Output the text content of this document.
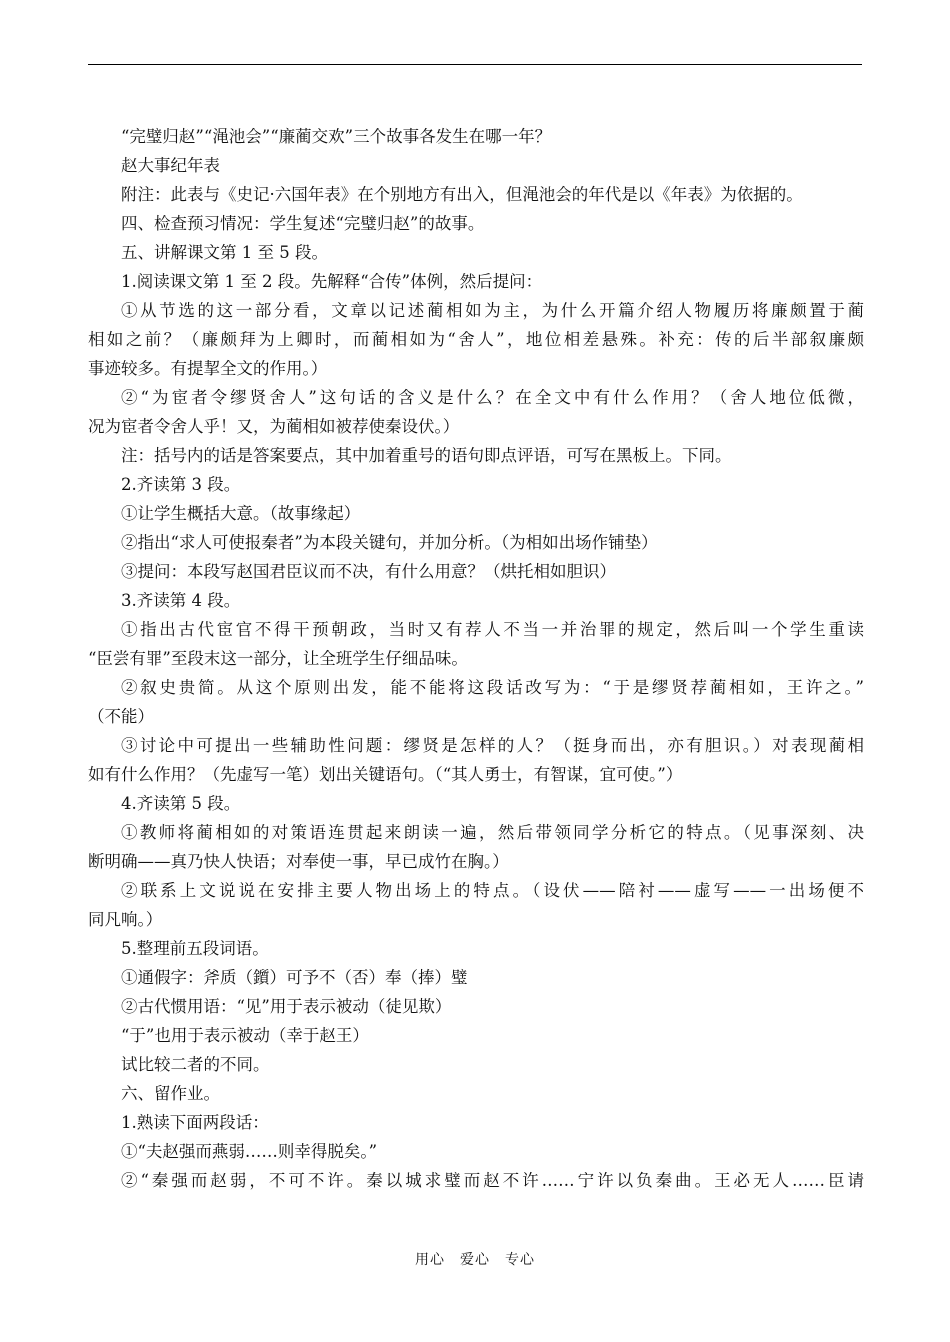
“完璧归赵”“渑池会”“廉蔺交欢”三个故事各发生在哪一年？
赵大事纪年表
附注：此表与《史记·六国年表》在个别地方有出入，但渑池会的年代是以《年表》为依据的。
四、检查预习情况：学生复述“完璧归赵”的故事。
五、讲解课文第 1 至 5 段。
1.阅读课文第 1 至 2 段。先解释“合传”体例，然后提问：
①从节选的这一部分看，文章以记述蔺相如为主，为什么开篇介绍人物履历将廉颇置于蔺
相如之前？（廉颇拜为上卿时，而蔺相如为“舍人”，地位相差悬殊。补充：传的后半部叙廉颇
事迹较多。有提挈全文的作用。）
②“为宦者令缪贤舍人”这句话的含义是什么？在全文中有什么作用？（舍人地位低微，
况为宦者令舍人乎！又，为蔺相如被荐使秦设伏。）
注：括号内的话是答案要点，其中加着重号的语句即点评语，可写在黑板上。下同。
2.齐读第 3 段。
①让学生概括大意。（故事缘起）
②指出“求人可使报秦者”为本段关键句，并加分析。（为相如出场作铺垫）
③提问：本段写赵国君臣议而不决，有什么用意？（烘托相如胆识）
3.齐读第 4 段。
①指出古代宦官不得干预朝政，当时又有荐人不当一并治罪的规定，然后叫一个学生重读
“臣尝有罪”至段末这一部分，让全班学生仔细品味。
②叙史贵简。从这个原则出发，能不能将这段话改写为：“于是缪贤荐蔺相如，王许之。”
（不能）
③讨论中可提出一些辅助性问题：缪贤是怎样的人？（挺身而出，亦有胆识。）对表现蔺相
如有什么作用？（先虚写一笔）划出关键语句。（“其人勇士，有智谋，宜可使。”）
4.齐读第 5 段。
①教师将蔺相如的对策语连贯起来朗读一遍，然后带领同学分析它的特点。（见事深刻、决
断明确——真乃快人快语；对奉使一事，早已成竹在胸。）
②联系上文说说在安排主要人物出场上的特点。（设伏——陪衬——虚写——一出场便不
同凡响。）
5.整理前五段词语。
①通假字：斧质（鑕）可予不（否）奉（捧）璧
②古代惯用语：“见”用于表示被动（徒见欺）
“于”也用于表示被动（幸于赵王）
试比较二者的不同。
六、留作业。
1.熟读下面两段话：
①“夫赵强而燕弱……则幸得脱矣。”
②“秦强而赵弱，不可不许。秦以城求璧而赵不许……宁许以负秦曲。王必无人……臣请
用心　爱心　专心
